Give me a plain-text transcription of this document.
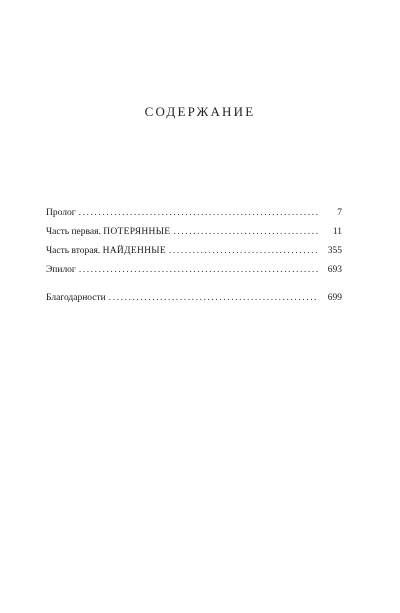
СОДЕРЖАНИЕ
Пролог . . .	7
Часть первая. ПОТЕРЯННЫЕ . . .	11
Часть вторая. НАЙДЕННЫЕ . . .	355
Эпилог . . .	693
Благодарности . . .	699
